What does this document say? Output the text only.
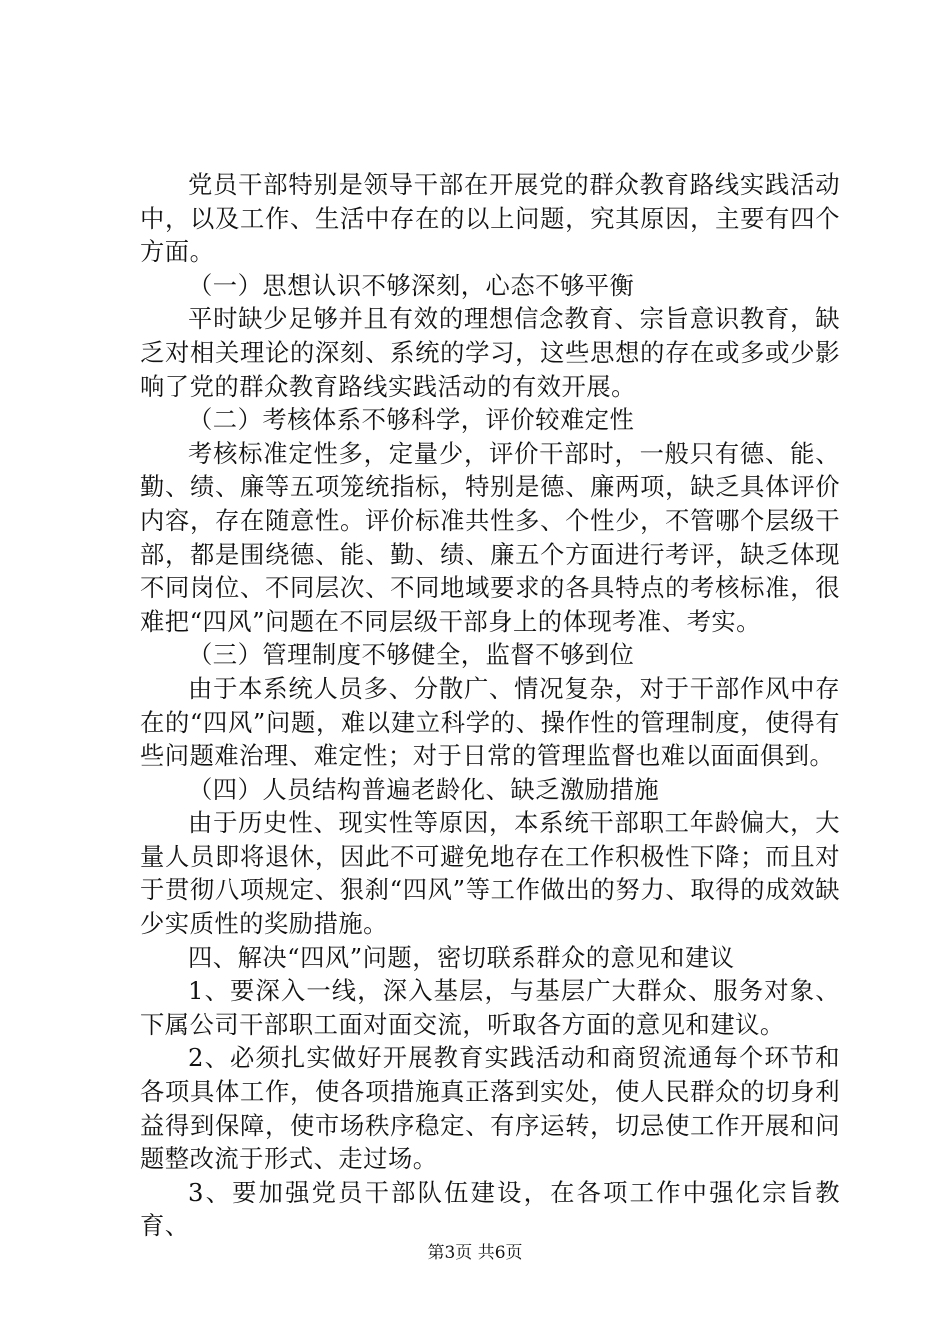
党员干部特别是领导干部在开展党的群众教育路线实践活动中，以及工作、生活中存在的以上问题，究其原因，主要有四个方面。

（一）思想认识不够深刻，心态不够平衡

平时缺少足够并且有效的理想信念教育、宗旨意识教育，缺乏对相关理论的深刻、系统的学习，这些思想的存在或多或少影响了党的群众教育路线实践活动的有效开展。

（二）考核体系不够科学，评价较难定性

考核标准定性多，定量少，评价干部时，一般只有德、能、勤、绩、廉等五项笼统指标，特别是德、廉两项，缺乏具体评价内容，存在随意性。评价标准共性多、个性少，不管哪个层级干部，都是围绕德、能、勤、绩、廉五个方面进行考评，缺乏体现不同岗位、不同层次、不同地域要求的各具特点的考核标准，很难把“四风”问题在不同层级干部身上的体现考准、考实。

（三）管理制度不够健全，监督不够到位

由于本系统人员多、分散广、情况复杂，对于干部作风中存在的“四风”问题，难以建立科学的、操作性的管理制度，使得有些问题难治理、难定性；对于日常的管理监督也难以面面俱到。

（四）人员结构普遍老龄化、缺乏激励措施

由于历史性、现实性等原因，本系统干部职工年龄偏大，大量人员即将退休，因此不可避免地存在工作积极性下降；而且对于贯彻八项规定、狠刹“四风”等工作做出的努力、取得的成效缺少实质性的奖励措施。

四、解决“四风”问题，密切联系群众的意见和建议

1、要深入一线，深入基层，与基层广大群众、服务对象、下属公司干部职工面对面交流，听取各方面的意见和建议。

2、必须扎实做好开展教育实践活动和商贸流通每个环节和各项具体工作，使各项措施真正落到实处，使人民群众的切身利益得到保障，使市场秩序稳定、有序运转，切忌使工作开展和问题整改流于形式、走过场。

3、要加强党员干部队伍建设，在各项工作中强化宗旨教育、

第3页 共6页
